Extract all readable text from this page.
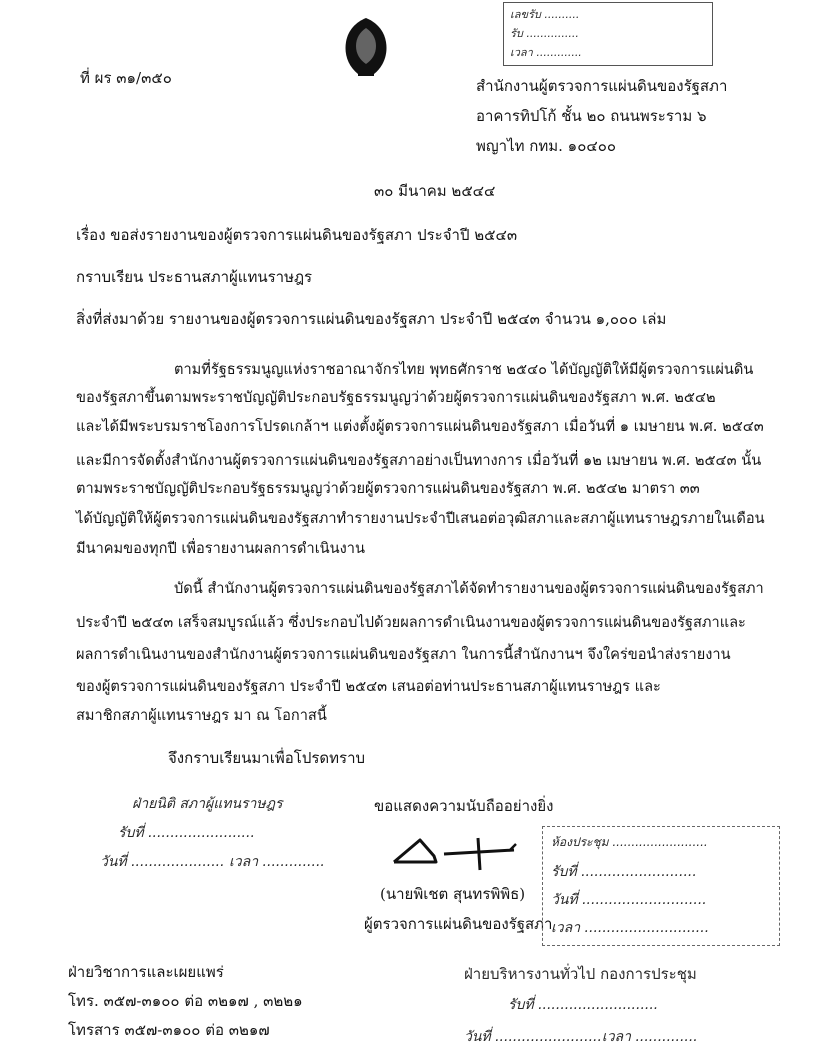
เลขรับ ..........
รับ ...............
เวลา .............
ที่ ผร ๓๑/๓๕๐	สำนักงานผู้ตรวจการแผ่นดินของรัฐสภา
อาคารทิปโก้ ชั้น ๒๐ ถนนพระราม ๖
พญาไท กทม. ๑๐๔๐๐
๓๐ มีนาคม ๒๕๔๔
เรื่อง ขอส่งรายงานของผู้ตรวจการแผ่นดินของรัฐสภา ประจำปี ๒๕๔๓
กราบเรียน ประธานสภาผู้แทนราษฎร
สิ่งที่ส่งมาด้วย รายงานของผู้ตรวจการแผ่นดินของรัฐสภา ประจำปี ๒๕๔๓ จำนวน ๑,๐๐๐ เล่ม
ตามที่รัฐธรรมนูญแห่งราชอาณาจักรไทย พุทธศักราช ๒๕๔๐ ได้บัญญัติให้มีผู้ตรวจการแผ่นดิน
ของรัฐสภาขึ้นตามพระราชบัญญัติประกอบรัฐธรรมนูญว่าด้วยผู้ตรวจการแผ่นดินของรัฐสภา พ.ศ. ๒๕๔๒
และได้มีพระบรมราชโองการโปรดเกล้าฯ แต่งตั้งผู้ตรวจการแผ่นดินของรัฐสภา เมื่อวันที่ ๑ เมษายน พ.ศ. ๒๕๔๓
และมีการจัดตั้งสำนักงานผู้ตรวจการแผ่นดินของรัฐสภาอย่างเป็นทางการ เมื่อวันที่ ๑๒ เมษายน พ.ศ. ๒๕๔๓ นั้น
ตามพระราชบัญญัติประกอบรัฐธรรมนูญว่าด้วยผู้ตรวจการแผ่นดินของรัฐสภา พ.ศ. ๒๕๔๒ มาตรา ๓๓
ได้บัญญัติให้ผู้ตรวจการแผ่นดินของรัฐสภาทำรายงานประจำปีเสนอต่อวุฒิสภาและสภาผู้แทนราษฎรภายในเดือน
มีนาคมของทุกปี เพื่อรายงานผลการดำเนินงาน
บัดนี้ สำนักงานผู้ตรวจการแผ่นดินของรัฐสภาได้จัดทำรายงานของผู้ตรวจการแผ่นดินของรัฐสภา
ประจำปี ๒๕๔๓ เสร็จสมบูรณ์แล้ว ซึ่งประกอบไปด้วยผลการดำเนินงานของผู้ตรวจการแผ่นดินของรัฐสภาและ
ผลการดำเนินงานของสำนักงานผู้ตรวจการแผ่นดินของรัฐสภา ในการนี้สำนักงานฯ จึงใคร่ขอนำส่งรายงาน
ของผู้ตรวจการแผ่นดินของรัฐสภา ประจำปี ๒๕๔๓ เสนอต่อท่านประธานสภาผู้แทนราษฎร และ
สมาชิกสภาผู้แทนราษฎร มา ณ โอกาสนี้
จึงกราบเรียนมาเพื่อโปรดทราบ
ฝ่ายนิติ สภาผู้แทนราษฎร
รับที่ ........................
วันที่ ..................... เวลา ..............
ขอแสดงความนับถืออย่างยิ่ง
(นายพิเชต สุนทรพิพิธ)
ผู้ตรวจการแผ่นดินของรัฐสภา
ห้องประชุม .........................
รับที่ ..........................
วันที่ ............................
เวลา ............................
ฝ่ายวิชาการและเผยแพร่
โทร. ๓๕๗-๓๑๐๐ ต่อ ๓๒๑๗ , ๓๒๒๑
โทรสาร ๓๕๗-๓๑๐๐ ต่อ ๓๒๑๗
ฝ่ายบริหารงานทั่วไป กองการประชุม
รับที่ ...........................
วันที่ ........................เวลา ..............
